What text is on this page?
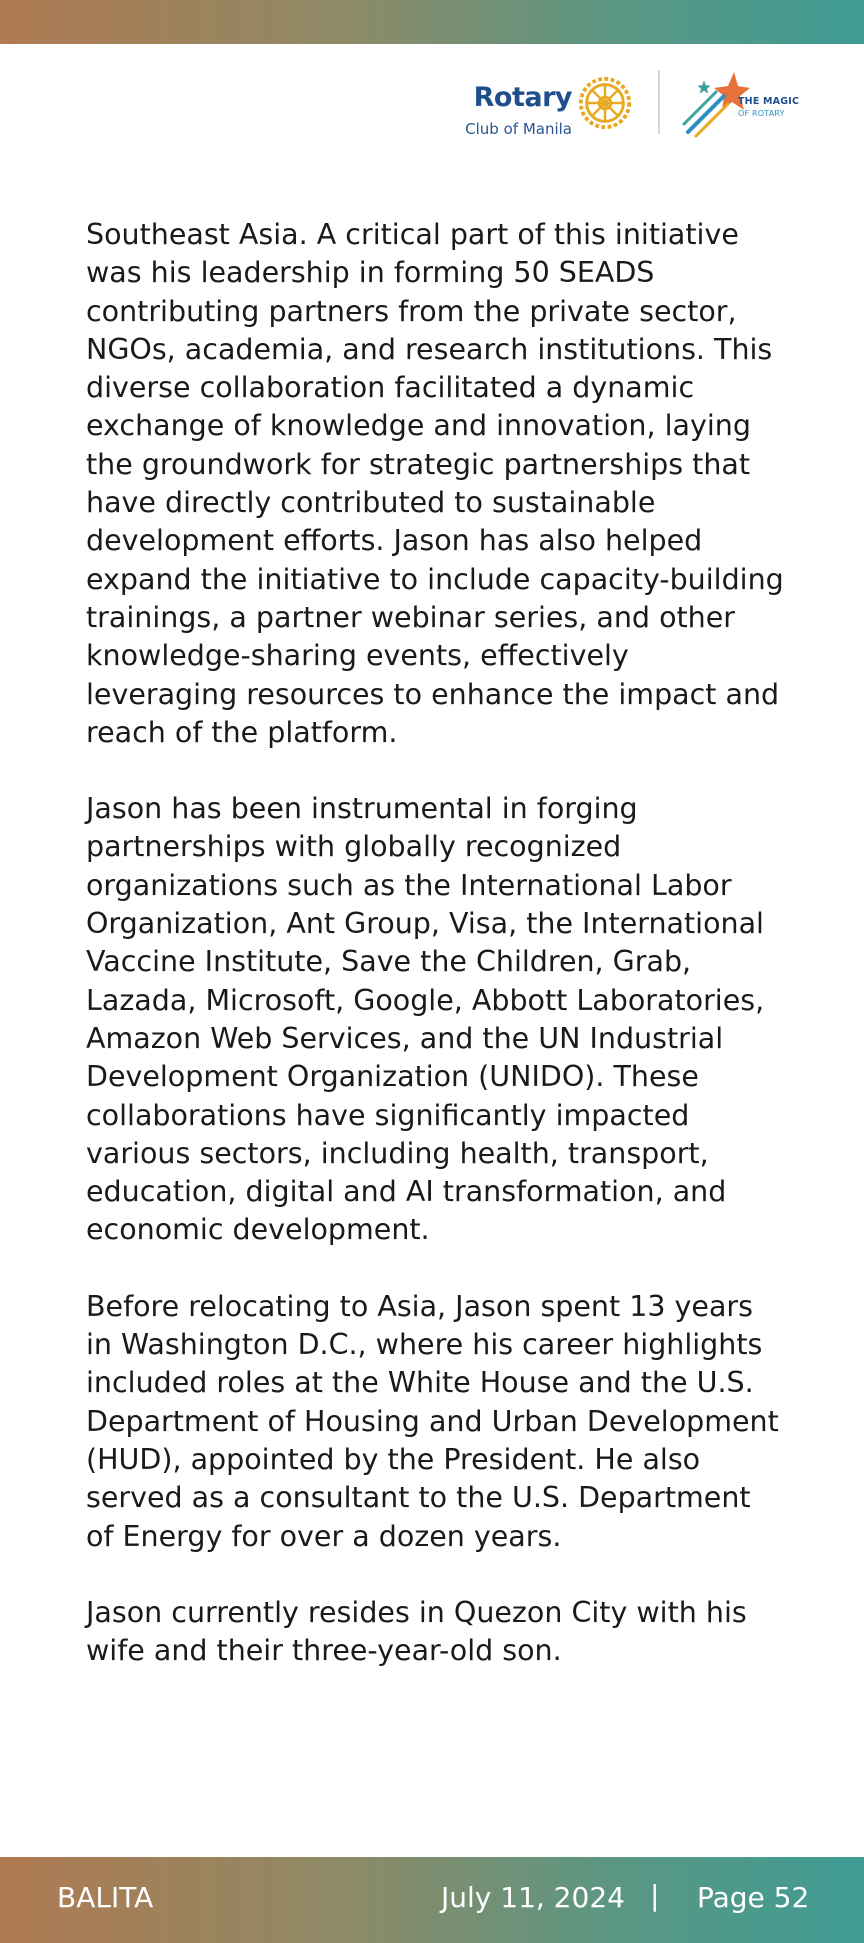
Rotary
Club of Manila
THE MAGIC
OF ROTARY

Southeast Asia. A critical part of this initiative was his leadership in forming 50 SEADS contributing partners from the private sector, NGOs, academia, and research institutions. This diverse collaboration facilitated a dynamic exchange of knowledge and innovation, laying the groundwork for strategic partnerships that have directly contributed to sustainable development efforts. Jason has also helped expand the initiative to include capacity-building trainings, a partner webinar series, and other knowledge-sharing events, effectively leveraging resources to enhance the impact and reach of the platform.

Jason has been instrumental in forging partnerships with globally recognized organizations such as the International Labor Organization, Ant Group, Visa, the International Vaccine Institute, Save the Children, Grab, Lazada, Microsoft, Google, Abbott Laboratories, Amazon Web Services, and the UN Industrial Development Organization (UNIDO). These collaborations have significantly impacted various sectors, including health, transport, education, digital and AI transformation, and economic development.

Before relocating to Asia, Jason spent 13 years in Washington D.C., where his career highlights included roles at the White House and the U.S. Department of Housing and Urban Development (HUD), appointed by the President. He also served as a consultant to the U.S. Department of Energy for over a dozen years.

Jason currently resides in Quezon City with his wife and their three-year-old son.

BALITA	July 11, 2024 | Page 52
